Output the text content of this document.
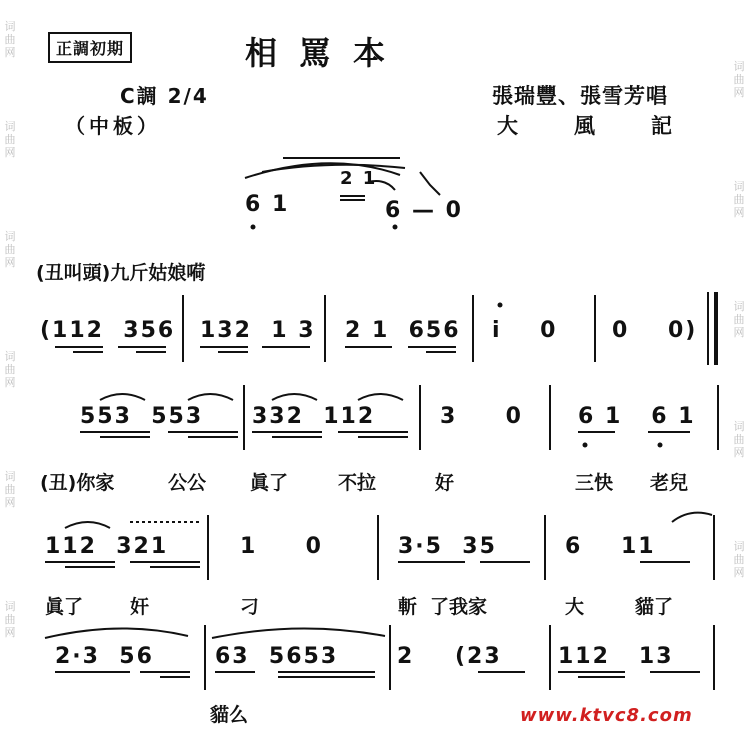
词曲网
词曲网
词曲网
词曲网
词曲网
词曲网
词曲网
词曲网
词曲网
词曲网
词曲网
正調初期	相罵本
C調 2/4
（中板）
張瑞豐、張雪芳唱
大風記
6 1
2 1
6 — 0
(丑叫頭)九斤姑娘嗬
(112  356 132  1 3 2 1  656 i    0 0    0)
553  553 332  112	3     0	6 1   6 1
(丑)你家	公公 眞了	不拉	好	三快 老兒
112  321	1     0	3·5  35	6    11
眞了 奸	刁	斬 了我家	大	貓了
2·3  56	63  5653	2 (23	112   13
貓么	www.ktvc8.com
